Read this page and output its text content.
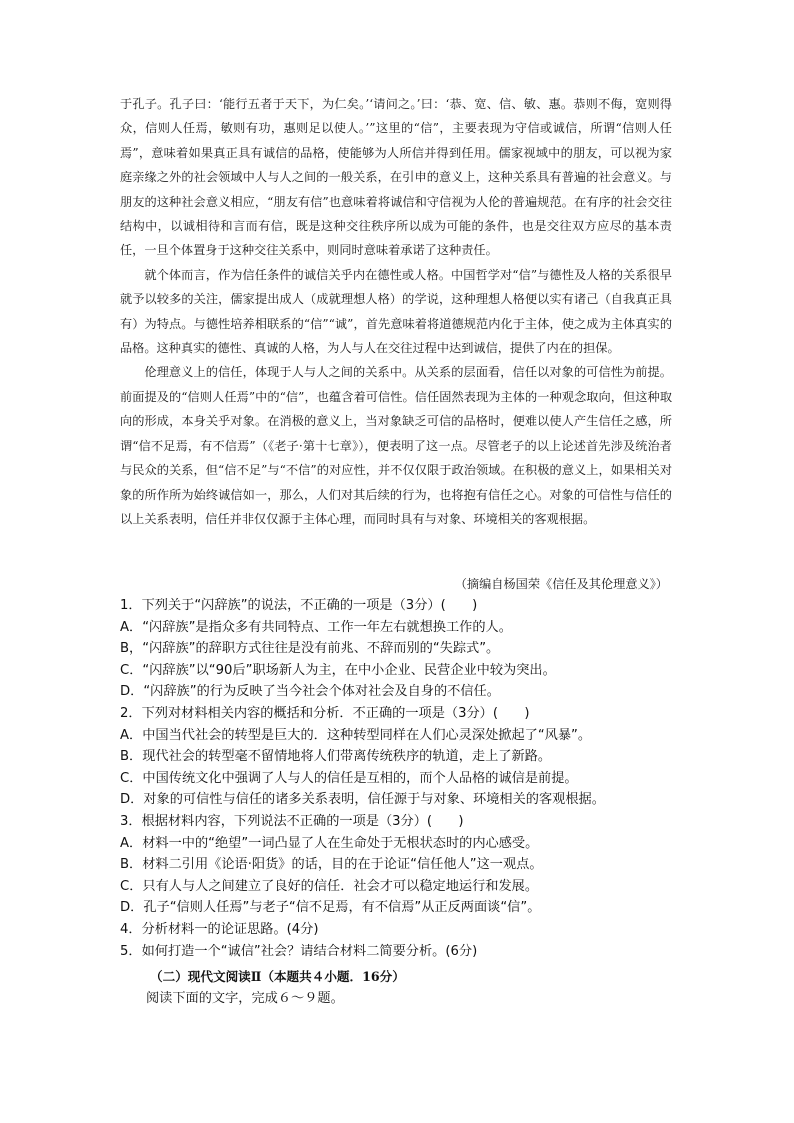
于孔子。孔子曰：‘能行五者于天下，为仁矣。’‘请问之。’曰：‘恭、宽、信、敏、惠。恭则不侮，宽则得众，信则人任焉，敏则有功，惠则足以使人。’”这里的“信”，主要表现为守信或诚信，所谓“信则人任焉”，意味着如果真正具有诚信的品格，使能够为人所信并得到任用。儒家视域中的朋友，可以视为家庭亲缘之外的社会领域中人与人之间的一般关系，在引申的意义上，这种关系具有普遍的社会意义。与朋友的这种社会意义相应，“朋友有信”也意味着将诚信和守信视为人伦的普遍规范。在有序的社会交往结构中，以诚相待和言而有信，既是这种交往秩序所以成为可能的条件，也是交往双方应尽的基本责任，一旦个体置身于这种交往关系中，则同时意味着承诺了这种责任。

就个体而言，作为信任条件的诚信关乎内在德性或人格。中国哲学对“信”与德性及人格的关系很早就予以较多的关注，儒家提出成人（成就理想人格）的学说，这种理想人格便以实有诸己（自我真正具有）为特点。与德性培养相联系的“信”“诚”，首先意味着将道德规范内化于主体，使之成为主体真实的品格。这种真实的德性、真诚的人格，为人与人在交往过程中达到诚信，提供了内在的担保。

伦理意义上的信任，体现于人与人之间的关系中。从关系的层面看，信任以对象的可信性为前提。前面提及的“信则人任焉”中的“信”，也蕴含着可信性。信任固然表现为主体的一种观念取向，但这种取向的形成，本身关乎对象。在消极的意义上，当对象缺乏可信的品格时，便难以使人产生信任之感，所谓“信不足焉，有不信焉”（《老子·第十七章》），便表明了这一点。尽管老子的以上论述首先涉及统治者与民众的关系，但“信不足”与“不信”的对应性，并不仅仅限于政治领域。在积极的意义上，如果相关对象的所作所为始终诚信如一，那么，人们对其后续的行为，也将抱有信任之心。对象的可信性与信任的以上关系表明，信任并非仅仅源于主体心理，而同时具有与对象、环境相关的客观根据。

（摘编自杨国荣《信任及其伦理意义》）
1．下列关于“闪辞族”的说法，不正确的一项是（3分）(　　)
A．“闪辞族”是指众多有共同特点、工作一年左右就想换工作的人。
B，“闪辞族”的辞职方式往往是没有前兆、不辞而别的“失踪式”。
C．“闪辞族”以“90后”职场新人为主，在中小企业、民营企业中较为突出。
D．“闪辞族”的行为反映了当今社会个体对社会及自身的不信任。
2．下列对材料相关内容的概括和分析．不正确的一项是（3分）(　　)
A．中国当代社会的转型是巨大的．这种转型同样在人们心灵深处掀起了“风暴”。
B．现代社会的转型毫不留情地将人们带离传统秩序的轨道，走上了新路。
C．中国传统文化中强调了人与人的信任是互相的，而个人品格的诚信是前提。
D．对象的可信性与信任的诸多关系表明，信任源于与对象、环境相关的客观根据。
3．根据材料内容，下列说法不正确的一项是（3分）(　　)
A．材料一中的“绝望”一词凸显了人在生命处于无根状态时的内心感受。
B．材料二引用《论语·阳货》的话，目的在于论证“信任他人”这一观点。
C．只有人与人之间建立了良好的信任．社会才可以稳定地运行和发展。
D．孔子“信则人任焉”与老子“信不足焉，有不信焉”从正反两面谈“信”。
4．分析材料一的论证思路。(4分)
5．如何打造一个“诚信”社会？请结合材料二简要分析。(6分)
（二）现代文阅读Ⅱ（本题共４小题．16分）
阅读下面的文字，完成６～９题。
